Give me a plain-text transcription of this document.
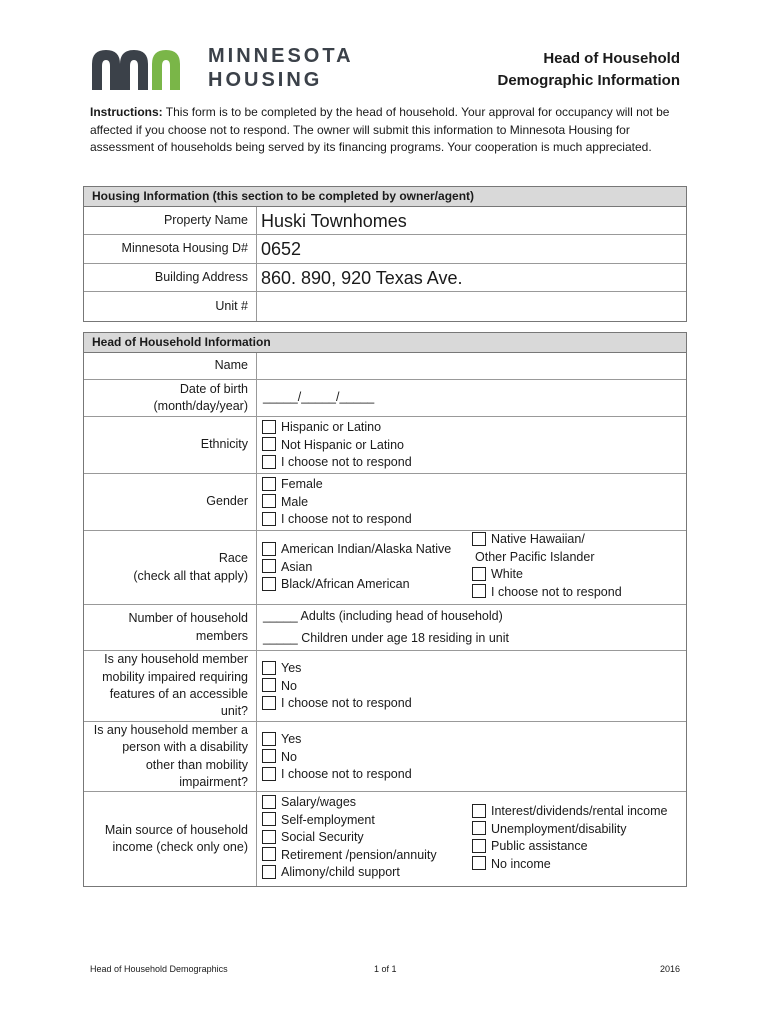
MINNESOTA
HOUSING
Head of Household
Demographic Information
Instructions: This form is to be completed by the head of household. Your approval for occupancy will not be affected if you choose not to respond. The owner will submit this information to Minnesota Housing for assessment of households being served by its financing programs. Your cooperation is much appreciated.
Housing Information (this section to be completed by owner/agent)
Property Name Huski Townhomes
Minnesota Housing D# 0652
Building Address 860. 890, 920 Texas Ave.
Unit #
Head of Household Information
Name
Date of birth
(month/day/year)
_____/_____/_____
Ethnicity
Hispanic or Latino
Not Hispanic or Latino
I choose not to respond
Gender
Female
Male
I choose not to respond
Race
(check all that apply)
American Indian/Alaska Native
Asian
Black/African American
Native Hawaiian/
Other Pacific Islander
White
I choose not to respond
Number of household
members
_____ Adults (including head of household)
_____ Children under age 18 residing in unit
Is any household member
mobility impaired requiring
features of an accessible
unit?
Yes
No
I choose not to respond
Is any household member a
person with a disability
other than mobility
impairment?
Yes
No
I choose not to respond
Main source of household
income (check only one)
Salary/wages
Self-employment
Social Security
Retirement /pension/annuity
Alimony/child support
Interest/dividends/rental income
Unemployment/disability
Public assistance
No income
Head of Household Demographics	1 of 1	2016
